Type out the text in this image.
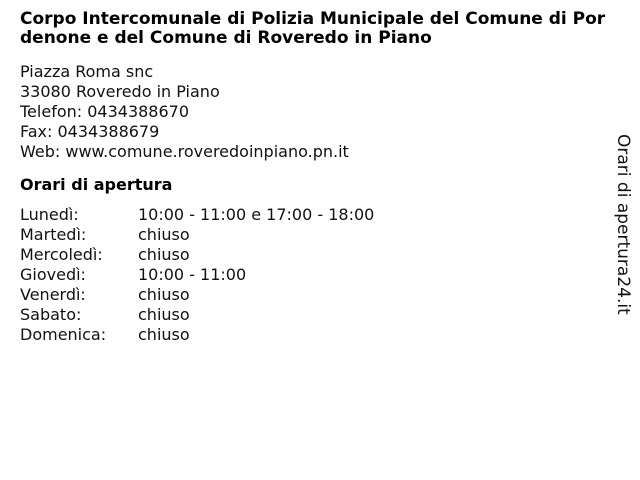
Corpo Intercomunale di Polizia Municipale del Comune di Pordenone e del Comune di Roveredo in Piano
Piazza Roma snc
33080 Roveredo in Piano
Telefon: 0434388670
Fax: 0434388679
Web: www.comune.roveredoinpiano.pn.it
Orari di apertura
Lunedì:	10:00 - 11:00 e 17:00 - 18:00
Martedì:	chiuso
Mercoledì:	chiuso
Giovedì:	10:00 - 11:00
Venerdì:	chiuso
Sabato:	chiuso
Domenica:	chiuso
Orari di apertura24.it
